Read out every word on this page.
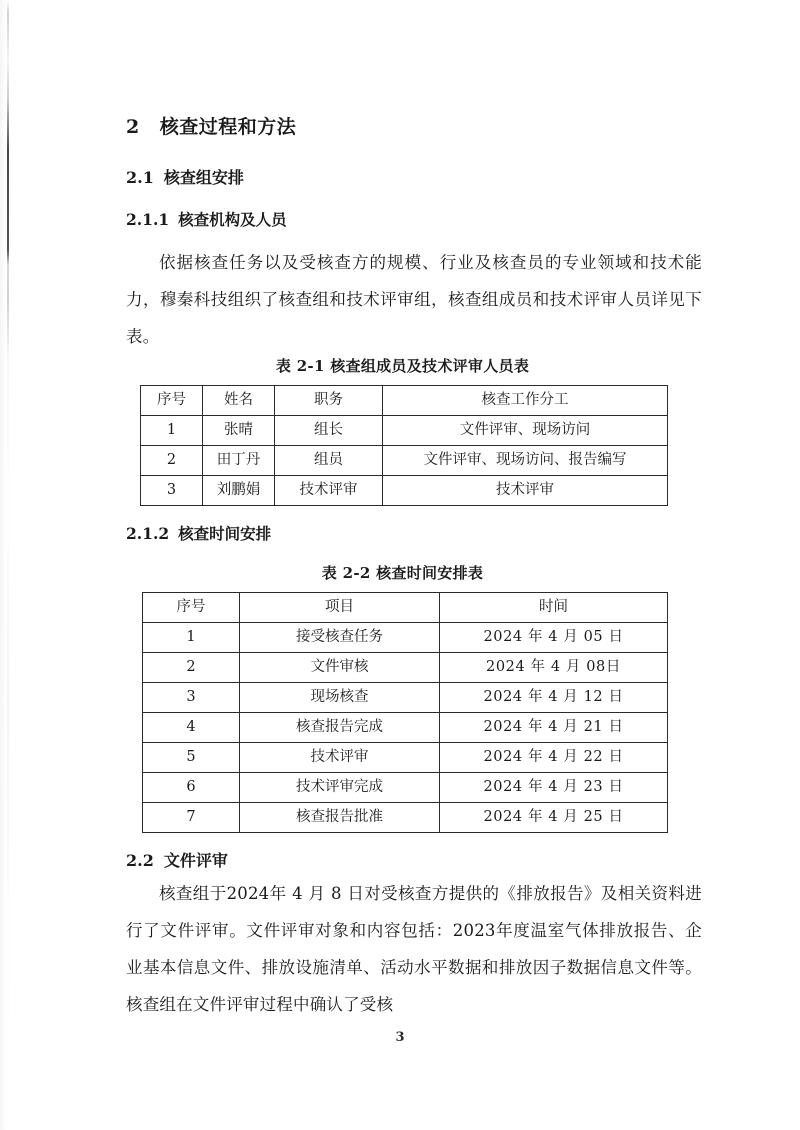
2 核查过程和方法
2.1 核查组安排
2.1.1 核查机构及人员

依据核查任务以及受核查方的规模、行业及核查员的专业领域和技术能力，穆秦科技组织了核查组和技术评审组，核查组成员和技术评审人员详见下表。

表 2-1 核查组成员及技术评审人员表
序号	姓名	职务	核查工作分工
1	张晴	组长	文件评审、现场访问
2	田丁丹	组员	文件评审、现场访问、报告编写
3	刘鹏娟	技术评审	技术评审
2.1.2 核查时间安排
表 2-2 核查时间安排表
序号	项目	时间
1	接受核查任务	2024 年 4 月 05 日
2	文件审核	2024 年 4 月 08日
3	现场核查	2024 年 4 月 12 日
4	核查报告完成	2024 年 4 月 21 日
5	技术评审	2024 年 4 月 22 日
6	技术评审完成	2024 年 4 月 23 日
7	核查报告批准	2024 年 4 月 25 日
2.2 文件评审

核查组于2024年 4 月 8 日对受核查方提供的《排放报告》及相关资料进行了文件评审。文件评审对象和内容包括：2023年度温室气体排放报告、企业基本信息文件、排放设施清单、活动水平数据和排放因子数据信息文件等。核查组在文件评审过程中确认了受核

3
